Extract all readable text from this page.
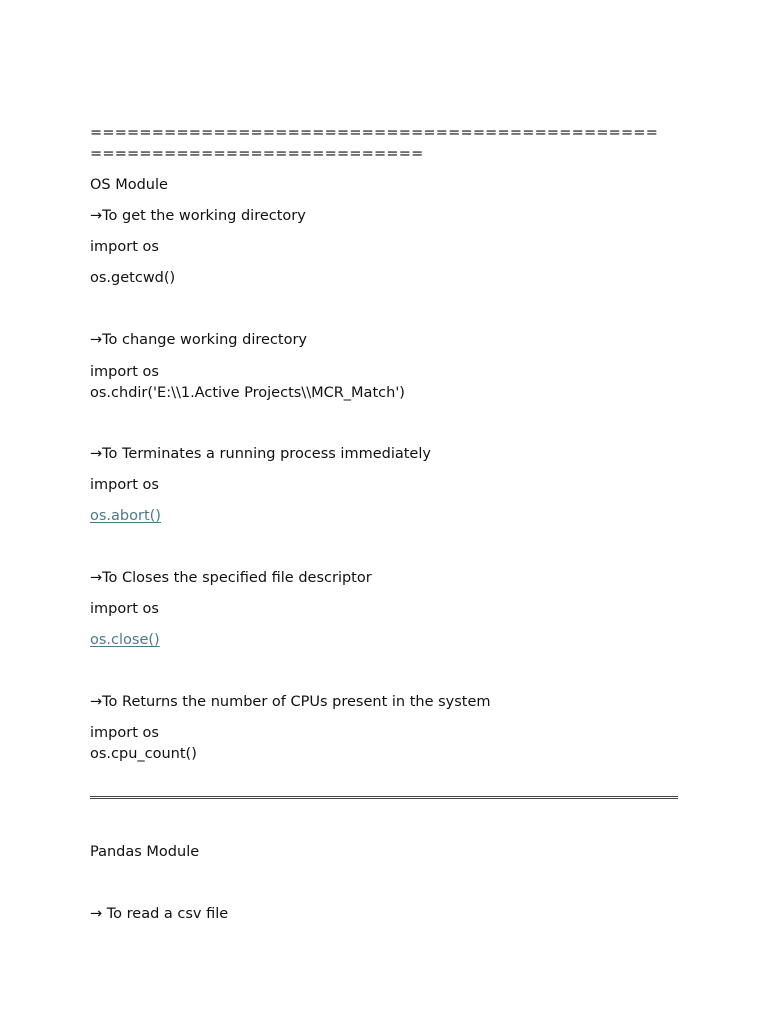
==============================================
===========================
OS Module
→To get the working directory
import os
os.getcwd()
→To change working directory
import os
os.chdir('E:\\1.Active Projects\\MCR_Match')
→To Terminates a running process immediately
import os
os.abort()
→To Closes the specified file descriptor
import os
os.close()
→To Returns the number of CPUs present in the system
import os
os.cpu_count()
Pandas Module
→ To read a csv file
